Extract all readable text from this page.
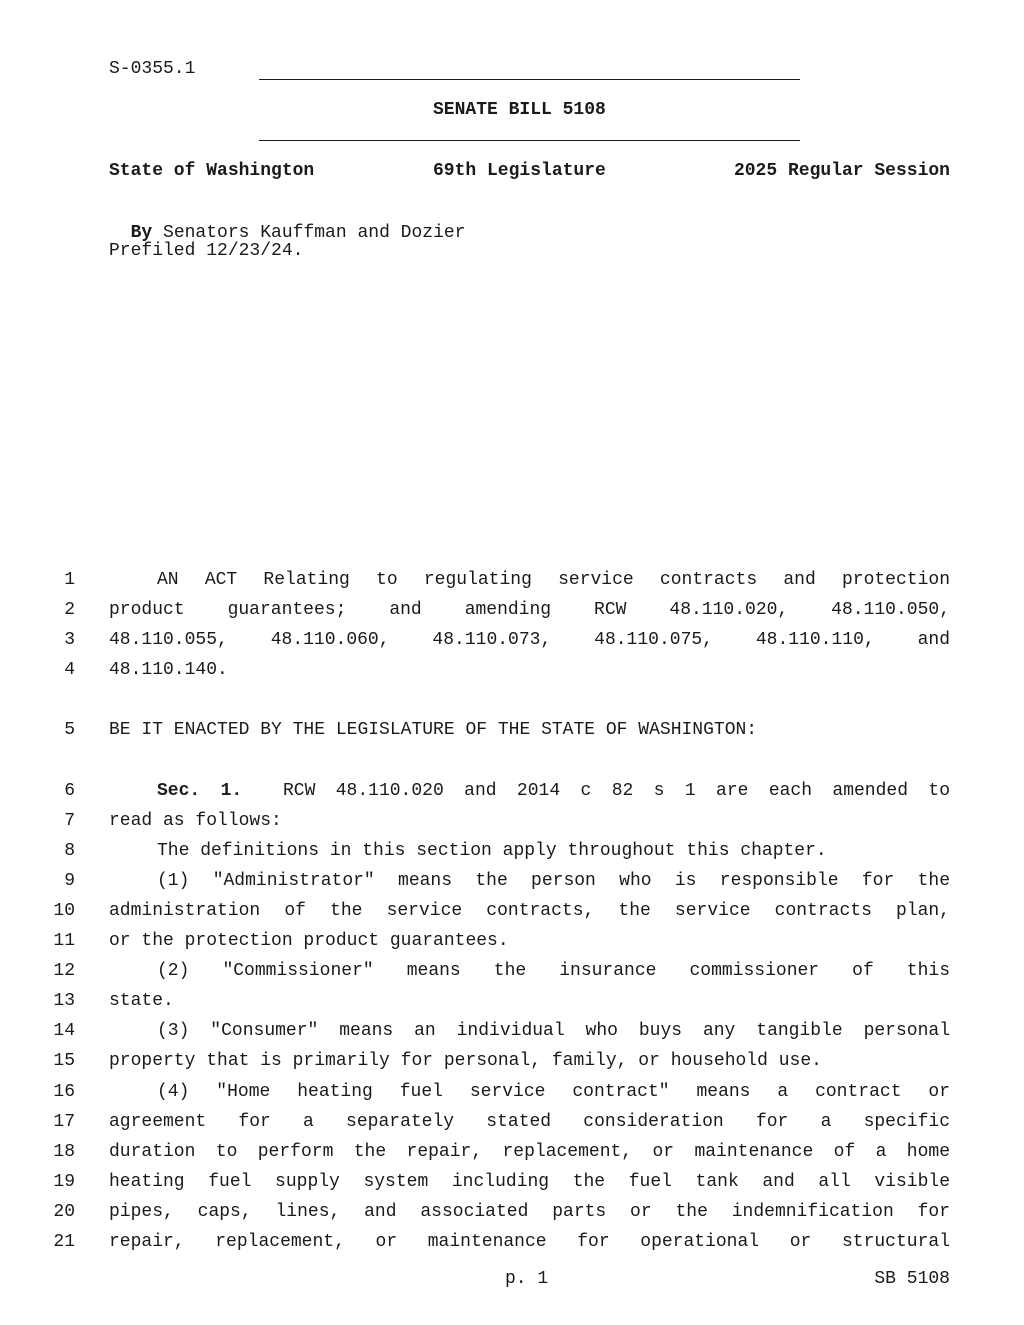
S-0355.1
SENATE BILL 5108
State of Washington	69th Legislature	2025 Regular Session

By Senators Kauffman and Dozier

Prefiled 12/23/24.
1	AN ACT Relating to regulating service contracts and protection
2 product guarantees; and amending RCW 48.110.020, 48.110.050,
3 48.110.055, 48.110.060, 48.110.073, 48.110.075, 48.110.110, and
4 48.110.140.
5 BE IT ENACTED BY THE LEGISLATURE OF THE STATE OF WASHINGTON:
6	Sec. 1. RCW 48.110.020 and 2014 c 82 s 1 are each amended to
7 read as follows:
8	The definitions in this section apply throughout this chapter.
9	(1) "Administrator" means the person who is responsible for the
10 administration of the service contracts, the service contracts plan,
11 or the protection product guarantees.
12	(2) "Commissioner" means the insurance commissioner of this
13 state.
14	(3) "Consumer" means an individual who buys any tangible personal
15 property that is primarily for personal, family, or household use.
16	(4) "Home heating fuel service contract" means a contract or
17 agreement for a separately stated consideration for a specific
18 duration to perform the repair, replacement, or maintenance of a home
19 heating fuel supply system including the fuel tank and all visible
20 pipes, caps, lines, and associated parts or the indemnification for
21 repair, replacement, or maintenance for operational or structural
p. 1	SB 5108
